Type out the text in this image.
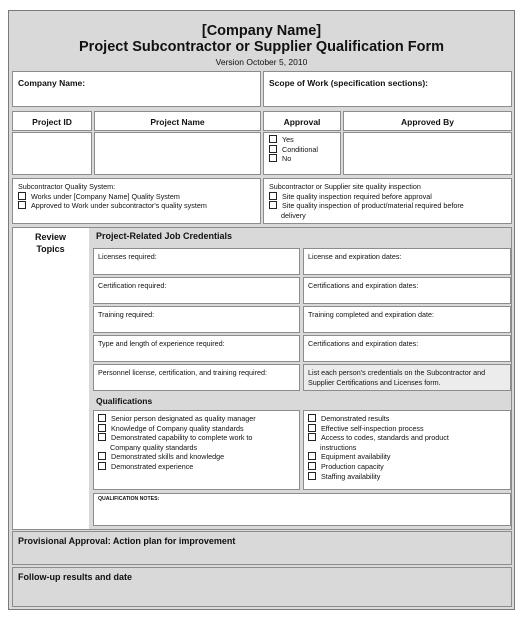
[Company Name]
Project Subcontractor or Supplier Qualification Form
Version October 5, 2010
Company Name:	Scope of Work (specification sections):
Project ID	Project Name	Approval	Approved By
Yes
Conditional
No
Subcontractor Quality System:
Works under [Company Name] Quality System
Approved to Work under subcontractor's quality system
Subcontractor or Supplier site quality inspection
Site quality inspection required before approval
Site quality inspection of product/material required before
delivery
Review
Topics
Project-Related Job Credentials
Licenses required:	License and expiration dates:
Certification required:	Certifications and expiration dates:
Training required:	Training completed and expiration date:
Type and length of experience required:	Certifications and expiration dates:
Personnel license, certification, and training required:	List each person's credentials on the Subcontractor and
Supplier Certifications and Licenses form.
Qualifications
Senior person designated as quality manager
Knowledge of Company quality standards
Demonstrated capability to complete work to
Company quality standards
Demonstrated skills and knowledge
Demonstrated experience
Demonstrated results
Effective self-inspection process
Access to codes, standards and product
instructions
Equipment availability
Production capacity
Staffing availability
QUALIFICATION NOTES:
Provisional Approval: Action plan for improvement
Follow-up results and date
